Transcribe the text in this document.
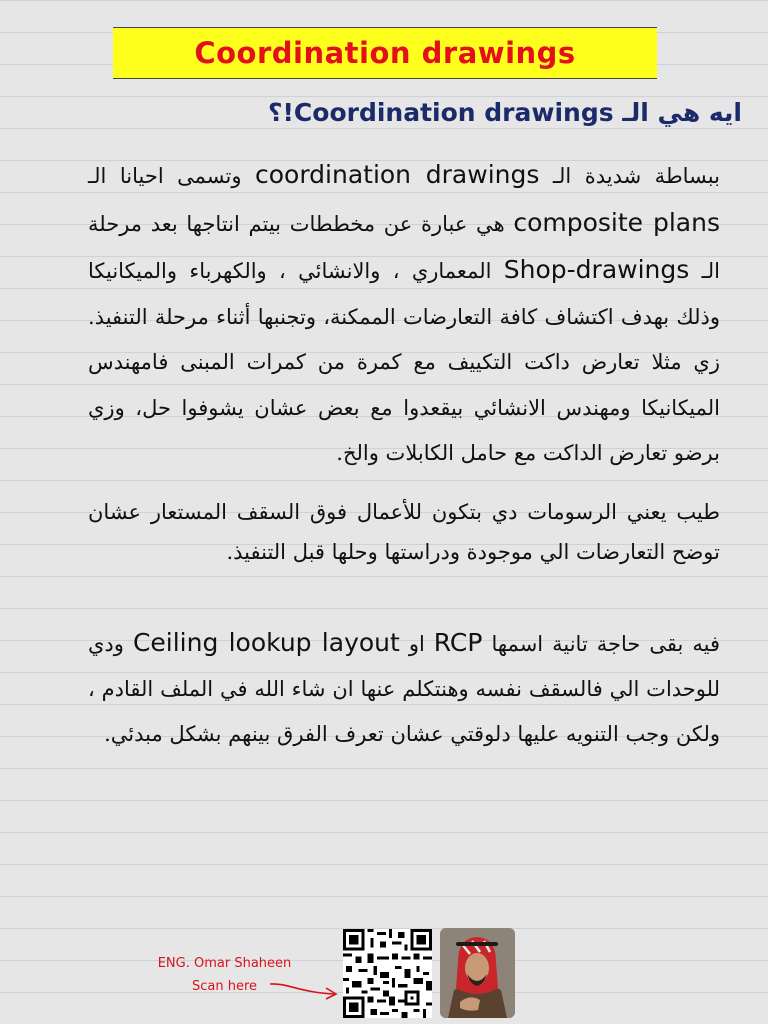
Coordination drawings
ايه هي الـ Coordination drawings!؟
ببساطة شديدة الـ coordination drawings وتسمى احيانا الـ composite plans هي عبارة عن مخططات بيتم انتاجها بعد مرحلة الـ Shop-drawings المعماري ، والانشائي ، والكهرباء والميكانيكا وذلك بهدف اكتشاف كافة التعارضات الممكنة، وتجنبها أثناء مرحلة التنفيذ. زي مثلا تعارض داكت التكييف مع كمرة من كمرات المبنى فامهندس الميكانيكا ومهندس الانشائي بيقعدوا مع بعض عشان يشوفوا حل، وزي برضو تعارض الداكت مع حامل الكابلات والخ.
طيب يعني الرسومات دي بتكون للأعمال فوق السقف المستعار عشان توضح التعارضات الي موجودة ودراستها وحلها قبل التنفيذ.
فيه بقى حاجة تانية اسمها RCP او Ceiling lookup layout ودي للوحدات الي فالسقف نفسه وهنتكلم عنها ان شاء الله في الملف القادم ، ولكن وجب التنويه عليها دلوقتي عشان تعرف الفرق بينهم بشكل مبدئي.
ENG. Omar Shaheen
Scan here
